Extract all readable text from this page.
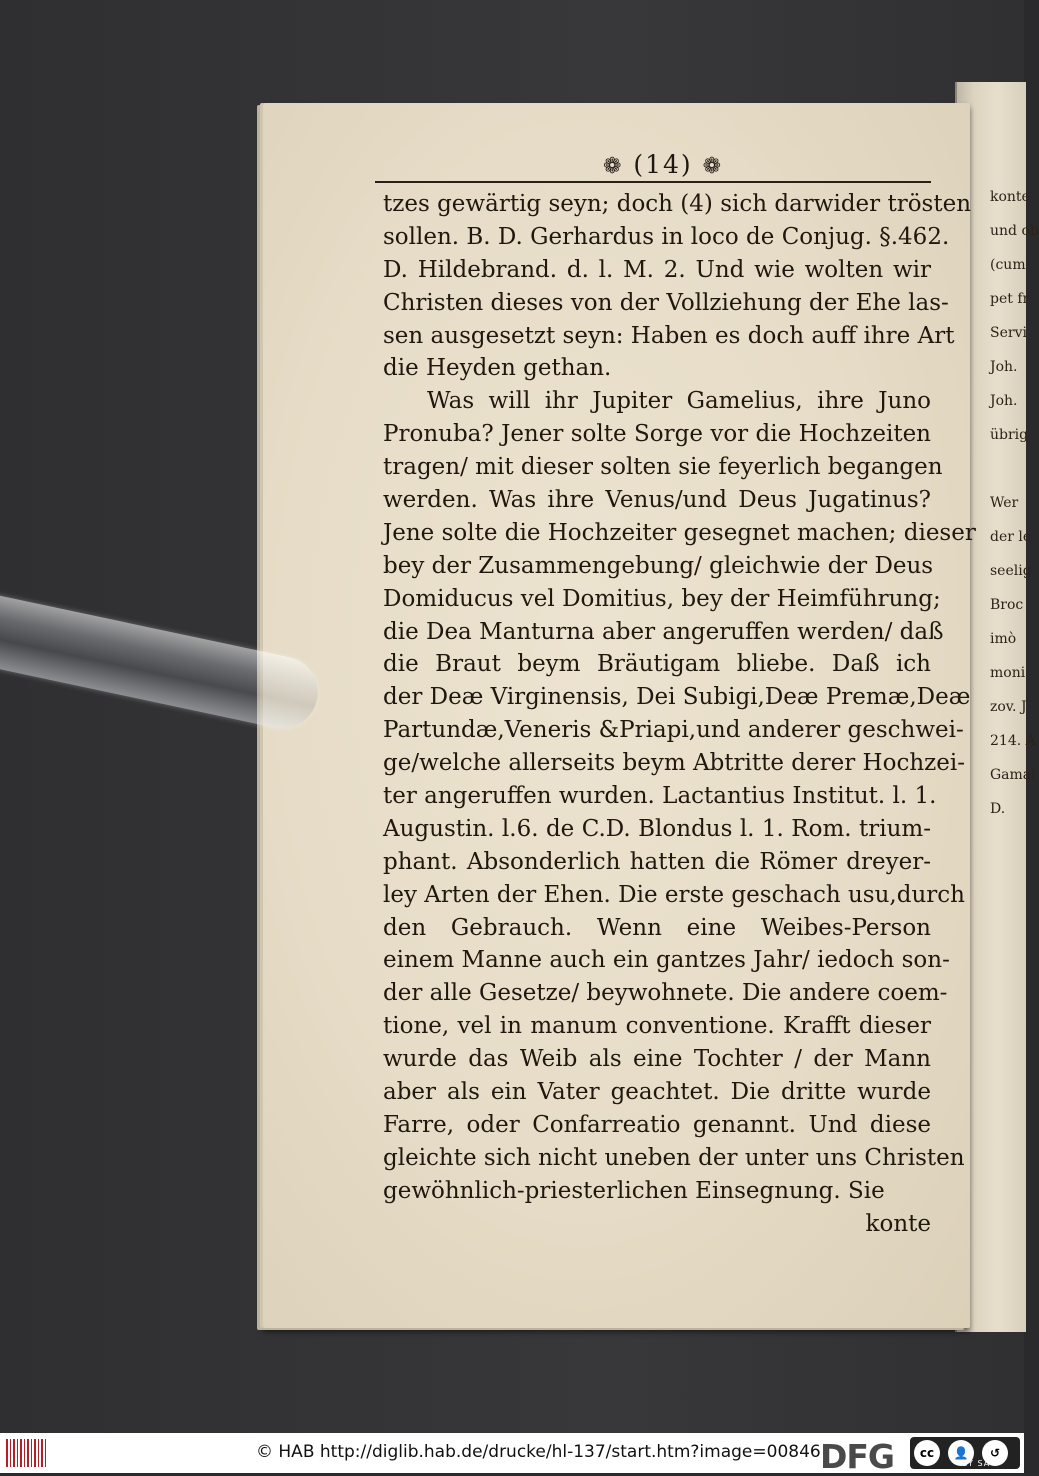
konte
und ob
(cum
pet fr
Servi
Joh.
Joh.
übrig
Wer
der le
seelig
Broc
imò
moni
zov. J
214. A
Gamal
D.
❁ (14) ❁
tzes gewärtig seyn; doch (4) sich darwider trösten
sollen. B. D. Gerhardus in loco de Conjug. §.462.
D. Hildebrand. d. l. M. 2. Und wie wolten wir
Christen dieses von der Vollziehung der Ehe las-
sen ausgesetzt seyn: Haben es doch auff ihre Art
die Heyden gethan.
Was will ihr Jupiter Gamelius, ihre Juno
Pronuba? Jener solte Sorge vor die Hochzeiten
tragen/ mit dieser solten sie feyerlich begangen
werden. Was ihre Venus/und Deus Jugatinus?
Jene solte die Hochzeiter gesegnet machen; dieser
bey der Zusammengebung/ gleichwie der Deus
Domiducus vel Domitius, bey der Heimführung;
die Dea Manturna aber angeruffen werden/ daß
die Braut beym Bräutigam bliebe. Daß ich
der Deæ Virginensis, Dei Subigi,Deæ Premæ,Deæ
Partundæ,Veneris &Priapi,und anderer geschwei-
ge/welche allerseits beym Abtritte derer Hochzei-
ter angeruffen wurden. Lactantius Institut. l. 1.
Augustin. l.6. de C.D. Blondus l. 1. Rom. trium-
phant. Absonderlich hatten die Römer dreyer-
ley Arten der Ehen. Die erste geschach usu,durch
den Gebrauch. Wenn eine Weibes-Person
einem Manne auch ein gantzes Jahr/ iedoch son-
der alle Gesetze/ beywohnete. Die andere coem-
tione, vel in manum conventione. Krafft dieser
wurde das Weib als eine Tochter / der Mann
aber als ein Vater geachtet. Die dritte wurde
Farre, oder Confarreatio genannt. Und diese
gleichte sich nicht uneben der unter uns Christen
gewöhnlich-priesterlichen Einsegnung. Sie
konte
© HAB http://diglib.hab.de/drucke/hl-137/start.htm?image=00846 DFG	cc	👤	↺
BY SA
